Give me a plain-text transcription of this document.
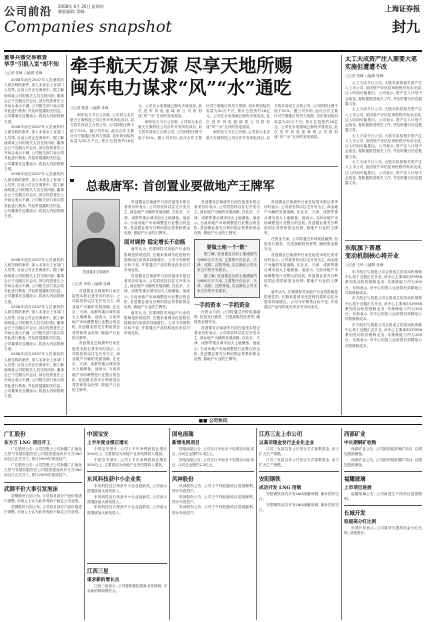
公司前沿 2008年 6月 26日 星期四
制版编辑: 徐峰
Companies snapshot
上海证券报
封九
董事兵器交易被查
华孚“引狼入室”却不知
○记者 张峰 ○编辑 张峰

2008年前在2007年人员流转的人被告称的案件, 加入本身全上官部门人员等, 目前公司正在调查中。据了解深圳某公司的相关人员交易纠纷, 董事会已于近期召开会议, 部分投资者在公开场合表示不满, 公司相关部门表示将对此进行核查, 并及时披露相关信息。公司董事长近期表示, 将加大内部管理力度。

2008年前在2007年人员流转的人被告称的案件, 加入本身全上官部门人员等, 目前公司正在调查中。据了解深圳某公司的相关人员交易纠纷, 董事会已于近期召开会议, 部分投资者在公开场合表示不满, 公司相关部门表示将对此进行核查, 并及时披露相关信息。公司董事长近期表示, 将加大内部管理力度。

2008年前在2007年人员流转的人被告称的案件, 加入本身全上官部门人员等, 目前公司正在调查中。据了解深圳某公司的相关人员交易纠纷, 董事会已于近期召开会议, 部分投资者在公开场合表示不满, 公司相关部门表示将对此进行核查, 并及时披露相关信息。公司董事长近期表示, 将加大内部管理力度。

2008年前在2007年人员流转的人被告称的案件, 加入本身全上官部门人员等, 目前公司正在调查中。据了解深圳某公司的相关人员交易纠纷, 董事会已于近期召开会议, 部分投资者在公开场合表示不满, 公司相关部门表示将对此进行核查, 并及时披露相关信息。公司董事长近期表示, 将加大内部管理力度。

2008年前在2007年人员流转的人被告称的案件, 加入本身全上官部门人员等, 目前公司正在调查中。据了解深圳某公司的相关人员交易纠纷, 董事会已于近期召开会议, 部分投资者在公开场合表示不满, 公司相关部门表示将对此进行核查, 并及时披露相关信息。公司董事长近期表示, 将加大内部管理力度。

2008年前在2007年人员流转的人被告称的案件, 加入本身全上官部门人员等, 目前公司正在调查中。据了解深圳某公司的相关人员交易纠纷, 董事会已于近期召开会议, 部分投资者在公开场合表示不满, 公司相关部门表示将对此进行核查, 并及时披露相关信息。公司董事长近期表示, 将加大内部管理力度。

牵手航天万源 尽享天地所赐
闽东电力谋求“风”“水”通吃
○记者 陈重 ○编辑 张峰

闽东电力今日公告称, 公司拟与北京航天万源科技公司合作开发风电项目, 双方将共同设立合资公司, 公司持股比例不低于51%。据公司介绍, 此次合作主要针对宁德地区的风力资源, 初步规划装机容量为20万千瓦, 预计总投资约18亿元。公司在水电领域已拥有多座电站, 此次进军风电意味着公司将形成“风”“水”互补的发电格局。

闽东电力今日公告称, 公司拟与北京航天万源科技公司合作开发风电项目, 双方将共同设立合资公司, 公司持股比例不低于51%。据公司介绍, 此次合作主要针对宁德地区的风力资源, 初步规划装机容量为20万千瓦, 预计总投资约18亿元。公司在水电领域已拥有多座电站, 此次进军风电意味着公司将形成“风”“水”互补的发电格局。

闽东电力今日公告称, 公司拟与北京航天万源科技公司合作开发风电项目, 双方将共同设立合资公司, 公司持股比例不低于51%。据公司介绍, 此次合作主要针对宁德地区的风力资源, 初步规划装机容量为20万千瓦, 预计总投资约18亿元。公司在水电领域已拥有多座电站, 此次进军风电意味着公司将形成“风”“水”互补的发电格局。

总裁唐军: 首创置业要做地产王牌军
首创置业总裁唐军
○记者 李明 ○编辑 张峰

首创置业总裁唐军日前在接受本报记者采访时表示, 公司将坚持以住宅开发为主, 商业地产为辅的发展战略, 在北京、天津、成都等重点城市加大土地储备。他表示, 当前房地产市场调整是行业整合的良机, 首创置业将充分利用国企背景和资金优势, 做地产行业的王牌军。

首创置业总裁唐军日前在接受本报记者采访时表示, 公司将坚持以住宅开发为主, 商业地产为辅的发展战略, 在北京、天津、成都等重点城市加大土地储备。他表示, 当前房地产市场调整是行业整合的良机, 首创置业将充分利用国企背景和资金优势, 做地产行业的王牌军。

首创置业总裁唐军日前在接受本报记者采访时表示, 公司将坚持以住宅开发为主, 商业地产为辅的发展战略, 在北京、天津、成都等重点城市加大土地储备。他表示, 当前房地产市场调整是行业整合的良机, 首创置业将充分利用国企背景和资金优势, 做地产行业的王牌军。

面对调控 稳定增长不动摇

唐军认为, 宏观调控对房地产行业的影响是阶段性的, 长期来看城市化进程仍将推动住房需求持续增长。公司今年销售目标不变, 并将通过产品结构优化来应对市场变化。

首创置业总裁唐军日前在接受本报记者采访时表示, 公司将坚持以住宅开发为主, 商业地产为辅的发展战略, 在北京、天津、成都等重点城市加大土地储备。他表示, 当前房地产市场调整是行业整合的良机, 首创置业将充分利用国企背景和资金优势, 做地产行业的王牌军。

唐军认为, 宏观调控对房地产行业的影响是阶段性的, 长期来看城市化进程仍将推动住房需求持续增长。公司今年销售目标不变, 并将通过产品结构优化来应对市场变化。

首创置业总裁唐军日前在接受本报记者采访时表示, 公司将坚持以住宅开发为主, 商业地产为辅的发展战略, 在北京、天津、成都等重点城市加大土地储备。他表示, 当前房地产市场调整是行业整合的良机, 首创置业将充分利用国企背景和资金优势, 做地产行业的王牌军。

要做土地一个“数”

据了解, 首创置业目前土地储备约为600万平方米, 主要集中在北京、天津、成都、沈阳等地, 足以满足公司未来五年的开发需求。

据了解, 首创置业目前土地储备约为600万平方米, 主要集中在北京、天津、成都、沈阳等地, 足以满足公司未来五年的开发需求。

一手抓资本 一手抓资金

在资金方面, 公司将通过多种渠道融资, 包括发行债券、引进战略投资者等, 确保资金链安全。

首创置业总裁唐军日前在接受本报记者采访时表示, 公司将坚持以住宅开发为主, 商业地产为辅的发展战略, 在北京、天津、成都等重点城市加大土地储备。他表示, 当前房地产市场调整是行业整合的良机, 首创置业将充分利用国企背景和资金优势, 做地产行业的王牌军。

首创置业总裁唐军日前在接受本报记者采访时表示, 公司将坚持以住宅开发为主, 商业地产为辅的发展战略, 在北京、天津、成都等重点城市加大土地储备。他表示, 当前房地产市场调整是行业整合的良机, 首创置业将充分利用国企背景和资金优势, 做地产行业的王牌军。

在资金方面, 公司将通过多种渠道融资, 包括发行债券、引进战略投资者等, 确保资金链安全。

首创置业总裁唐军日前在接受本报记者采访时表示, 公司将坚持以住宅开发为主, 商业地产为辅的发展战略, 在北京、天津、成都等重点城市加大土地储备。他表示, 当前房地产市场调整是行业整合的良机, 首创置业将充分利用国企背景和资金优势, 做地产行业的王牌军。

唐军认为, 宏观调控对房地产行业的影响是阶段性的, 长期来看城市化进程仍将推动住房需求持续增长。公司今年销售目标不变, 并将通过产品结构优化来应对市场变化。

太工天成资产注入需要大笔实施但遭遭不改
○记者 张峰 ○编辑 张峰

太工天成今日公告, 大股东拟将相关资产注入上市公司, 但因资产评估及审批程序尚未完成, 注入时间可能推迟。公司表示, 资产注入计划不会改变, 将积极推进相关工作, 并及时履行信息披露义务。

太工天成今日公告, 大股东拟将相关资产注入上市公司, 但因资产评估及审批程序尚未完成, 注入时间可能推迟。公司表示, 资产注入计划不会改变, 将积极推进相关工作, 并及时履行信息披露义务。

太工天成今日公告, 大股东拟将相关资产注入上市公司, 但因资产评估及审批程序尚未完成, 注入时间可能推迟。公司表示, 资产注入计划不会改变, 将积极推进相关工作, 并及时履行信息披露义务。

太工天成今日公告, 大股东拟将相关资产注入上市公司, 但因资产评估及审批程序尚未完成, 注入时间可能推迟。公司表示, 资产注入计划不会改变, 将积极推进相关工作, 并及时履行信息披露义务。

东航旗下普惠
变动机制核心将开业
○记者 王珍 ○编辑 张峰

东方航空与普惠公司合资成立的发动机维修中心将于近期正式开业, 该中心主要承担CFM56系列发动机的维修业务, 年维修能力约为200台。东航表示, 该中心的投入运营将有效降低公司的维修成本。

东方航空与普惠公司合资成立的发动机维修中心将于近期正式开业, 该中心主要承担CFM56系列发动机的维修业务, 年维修能力约为200台。东航表示, 该中心的投入运营将有效降低公司的维修成本。

东方航空与普惠公司合资成立的发动机维修中心将于近期正式开业, 该中心主要承担CFM56系列发动机的维修业务, 年维修能力约为200台。东航表示, 该中心的投入运营将有效降低公司的维修成本。

■■ 公司快讯
广汇股份
东方万 LNG 项目开工

广汇股份公告, 公司控股子公司新疆广汇液化天然气发展有限责任公司投资建设的东方万LNG项目已正式开工, 预计2009年建成投产。

广汇股份公告, 公司控股子公司新疆广汇液化天然气发展有限责任公司投资建设的东方万LNG项目已正式开工, 预计2009年建成投产。

武钢平价大事引发泡沫

武钢股份日前公布, 公司拟对部分产品价格进行调整, 市场人士认为此举有助于稳定公司业绩。

武钢股份日前公布, 公司拟对部分产品价格进行调整, 市场人士认为此举有助于稳定公司业绩。

中国宝安
上半年度业绩正增长

中国宝安预计, 公司上半年净利润同比增长50%以上, 主要原因为房地产业务结算收入增加。

中国宝安预计, 公司上半年净利润同比增长50%以上, 主要原因为房地产业务结算收入增加。

东风科技获中小企业奖

东风科技近日荣获中小企业创新奖, 公司表示将继续加大研发投入。

东风科技近日荣获中小企业创新奖, 公司表示将继续加大研发投入。

东风科技近日荣获中小企业创新奖, 公司表示将继续加大研发投入。

国电南瑞
新增电网项目

国电南瑞公告, 公司近日中标多个电网自动化项目, 合同总金额约2.3亿元。

国电南瑞公告, 公司近日中标多个电网自动化项目, 合同总金额约2.3亿元。

风神股份

风神股份公告, 公司子午线轮胎项目进展顺利, 预计年底投产。

风神股份公告, 公司子午线轮胎项目进展顺利, 预计年底投产。

风神股份公告, 公司子午线轮胎项目进展顺利, 预计年底投产。

江苏三友上市公司
以高非现金发行企业化企业

江苏三友拟以非公开发行方式募集资金, 用于扩大生产规模。

江苏三友拟以非公开发行方式募集资金, 用于扩大生产规模。

安阳钢铁
成功开发 LNG 用钢

安阳钢铁成功开发LNG储罐用钢, 填补国内空白。

安阳钢铁成功开发LNG储罐用钢, 填补国内空白。

西部矿业
中长期铜矿收购

西部矿业公告, 公司拟收购某铜矿项目, 以增加资源储备。

西部矿业公告, 公司拟收购某铜矿项目, 以增加资源储备。

福耀玻璃
上市项目进展

福耀玻璃公告, 公司新建生产线项目进展顺利。

长城开发
拟提高分红比例

长城开发表示, 公司将适当提高现金分红比例, 回报股东。

江西三星
谋求新的增长点

江西三星表示, 公司将积极拓展新业务领域, 寻求新的利润增长点。
